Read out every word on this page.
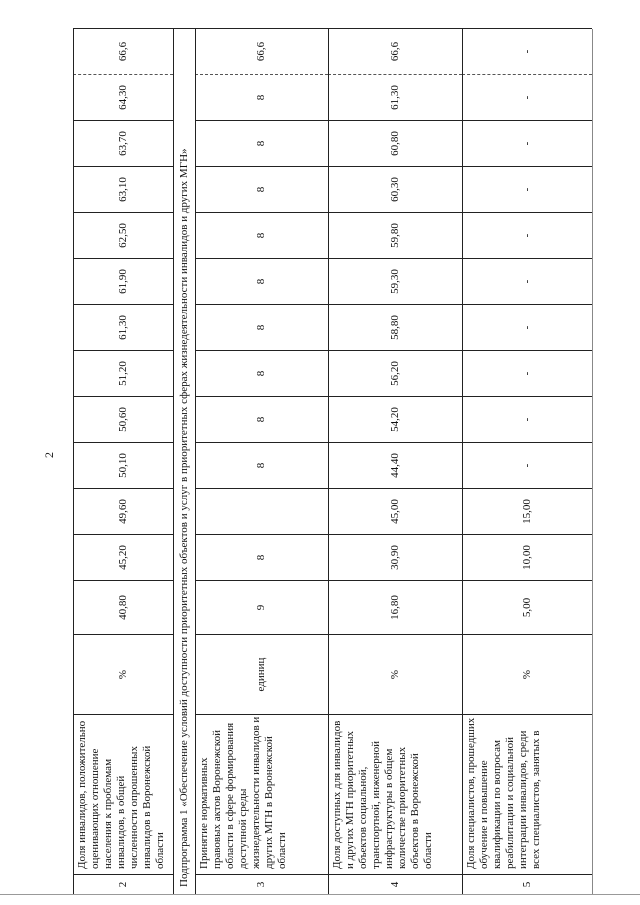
2
2
Доля инвалидов, положительно оценивающих отношение населения к проблемам инвалидов, в общей численности опрошенных инвалидов в Воронежской области
%
40,80
45,20
49,60
50,10
50,60
51,20
61,30
61,90
62,50
63,10
63,70
64,30
66,6
Подпрограмма 1 «Обеспечение условий доступности приоритетных объектов и услуг в приоритетных сферах жизнедеятельности инвалидов и других МГН»	3
Принятие нормативных правовых актов Воронежской области в сфере формирования доступной среды жизнедеятельности инвалидов и других МГН в Воронежской области
единиц
9
8
8
8
8
8
8
8
8
8
8
66,6
4
Доля доступных для инвалидов и других МГН приоритетных объектов социальной, транспортной, инженерной инфраструктуры в общем количестве приоритетных объектов в Воронежской области
%
16,80
30,90
45,00
44,40
54,20
56,20
58,80
59,30
59,80
60,30
60,80
61,30
66,6
5
Доля специалистов, прошедших обучение и повышение квалификации по вопросам реабилитации и социальной интеграции инвалидов, среди всех специалистов, занятых в
%
5,00
10,00
15,00
-
-
-
-
-
-
-
-
-
-
